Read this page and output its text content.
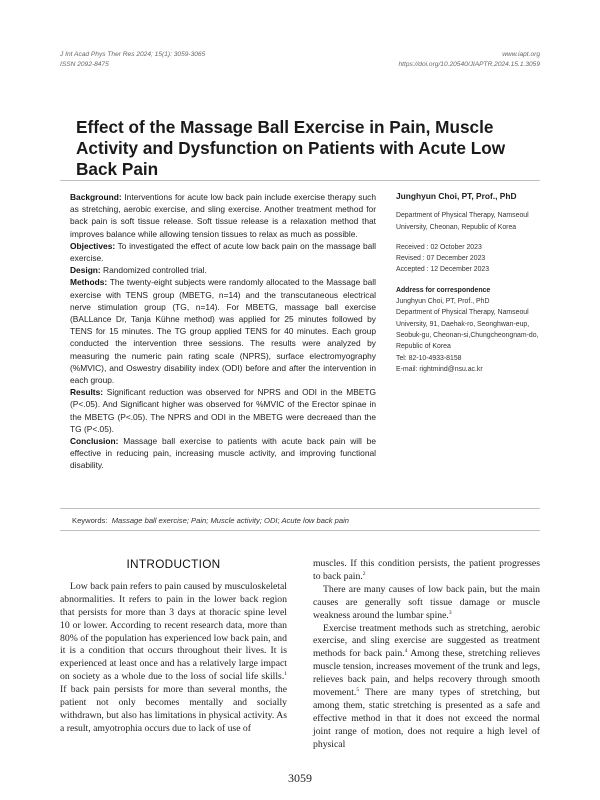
J Int Acad Phys Ther Res 2024; 15(1): 3059-3065
ISSN 2092-8475
www.iapt.org
https://doi.org/10.20540/JIAPTR.2024.15.1.3059
Effect of the Massage Ball Exercise in Pain, Muscle Activity and Dysfunction on Patients with Acute Low Back Pain

Background: Interventions for acute low back pain include exercise therapy such as stretching, aerobic exercise, and sling exercise. Another treatment method for back pain is soft tissue release. Soft tissue release is a relaxation method that improves balance while allowing tension tissues to relax as much as possible.

Objectives: To investigated the effect of acute low back pain on the massage ball exercise.

Design: Randomized controlled trial.

Methods: The twenty-eight subjects were randomly allocated to the Massage ball exercise with TENS group (MBETG, n=14) and the transcutaneous electrical nerve stimulation group (TG, n=14). For MBETG, massage ball exercise (BALLance Dr, Tanja Kühne method) was applied for 25 minutes followed by TENS for 15 minutes. The TG group applied TENS for 40 minutes. Each group conducted the intervention three sessions. The results were analyzed by measuring the numeric pain rating scale (NPRS), surface electromyography (%MVIC), and Oswestry disability index (ODI) before and after the intervention in each group.

Results: Significant reduction was observed for NPRS and ODI in the MBETG (P<.05). And Significant higher was observed for %MVIC of the Erector spinae in the MBETG (P<.05). The NPRS and ODI in the MBETG were decreaed than the TG (P<.05).

Conclusion: Massage ball exercise to patients with acute back pain will be effective in reducing pain, increasing muscle activity, and improving functional disability.

Junghyun Choi, PT, Prof., PhD
Department of Physical Therapy, Namseoul University, Cheonan, Republic of Korea
Received : 02 October 2023
Revised : 07 December 2023
Accepted : 12 December 2023
Address for correspondence
Junghyun Choi, PT, Prof., PhD
Department of Physical Therapy, Namseoul University, 91, Daehak-ro, Seonghwan-eup, Seobuk-gu, Cheonan-si,Chungcheongnam-do, Republic of Korea
Tel: 82-10-4933-8158
E-mail: rightmind@nsu.ac.kr
Keywords: Massage ball exercise; Pain; Muscle activity; ODI; Acute low back pain
INTRODUCTION

Low back pain refers to pain caused by musculoskeletal abnormalities. It refers to pain in the lower back region that persists for more than 3 days at thoracic spine level 10 or lower. According to recent research data, more than 80% of the population has experienced low back pain, and it is a condition that occurs throughout their lives. It is experienced at least once and has a relatively large impact on society as a whole due to the loss of social life skills.$^1$ If back pain persists for more than several months, the patient not only becomes mentally and socially withdrawn, but also has limitations in physical activity. As a result, amyotrophia occurs due to lack of use of

muscles. If this condition persists, the patient progresses to back pain.$^2$

There are many causes of low back pain, but the main causes are generally soft tissue damage or muscle weakness around the lumbar spine.$^3$

Exercise treatment methods such as stretching, aerobic exercise, and sling exercise are suggested as treatment methods for back pain.$^4$ Among these, stretching relieves muscle tension, increases movement of the trunk and legs, relieves back pain, and helps recovery through smooth movement.$^5$ There are many types of stretching, but among them, static stretching is presented as a safe and effective method in that it does not exceed the normal joint range of motion, does not require a high level of physical

3059
